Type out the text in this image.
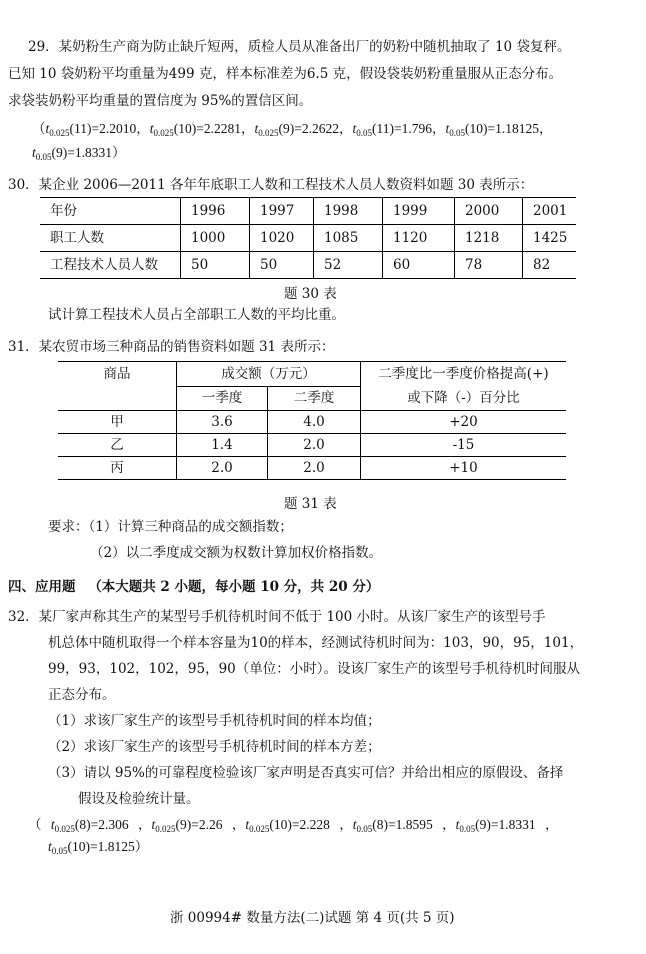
29．某奶粉生产商为防止缺斤短两，质检人员从准备出厂的奶粉中随机抽取了 10 袋复秤。
已知 10 袋奶粉平均重量为499 克，样本标准差为6.5 克，假设袋装奶粉重量服从正态分布。
求袋装奶粉平均重量的置信度为 95%的置信区间。
（$t_{0.025}(11)=2.2010$，$t_{0.025}(10)=2.2281$，$t_{0.025}(9)=2.2622$，$t_{0.05}(11)=1.796$，$t_{0.05}(10)=1.18125$，
$t_{0.05}(9)=1.8331$）
30．某企业 2006—2011 各年年底职工人数和工程技术人员人数资料如题 30 表所示：
年份	1996	1997	1998	1999	2000	2001
职工人数	1000	1020	1085	1120	1218	1425
工程技术人员人数	50	50	52	60	78	82
题 30 表
试计算工程技术人员占全部职工人数的平均比重。
31．某农贸市场三种商品的销售资料如题 31 表所示：
商品	成交额（万元）		二季度比一季度价格提高(+)
或下降（-）百分比

	一季度	二季度	
甲	3.6	4.0	+20
乙	1.4	2.0	-15
丙	2.0	2.0	+10
题 31 表
要求：（1）计算三种商品的成交额指数；
（2）以二季度成交额为权数计算加权价格指数。
四、应用题 （本大题共 2 小题，每小题 10 分，共 20 分）
32．某厂家声称其生产的某型号手机待机时间不低于 100 小时。从该厂家生产的该型号手
机总体中随机取得一个样本容量为10的样本，经测试待机时间为：103，90，95，101，
99，93，102，102，95，90（单位：小时）。设该厂家生产的该型号手机待机时间服从
正态分布。
（1）求该厂家生产的该型号手机待机时间的样本均值；
（2）求该厂家生产的该型号手机待机时间的样本方差；
（3）请以 95%的可靠程度检验该厂家声明是否真实可信？并给出相应的原假设、备择
假设及检验统计量。
（ $t_{0.025}(8)=2.306$ ，$t_{0.025}(9)=2.26$ ，$t_{0.025}(10)=2.228$ ，$t_{0.05}(8)=1.8595$ ，$t_{0.05}(9)=1.8331$ ，
$t_{0.05}(10)=1.8125$）
浙 00994# 数量方法(二)试题 第 4 页(共 5 页)
